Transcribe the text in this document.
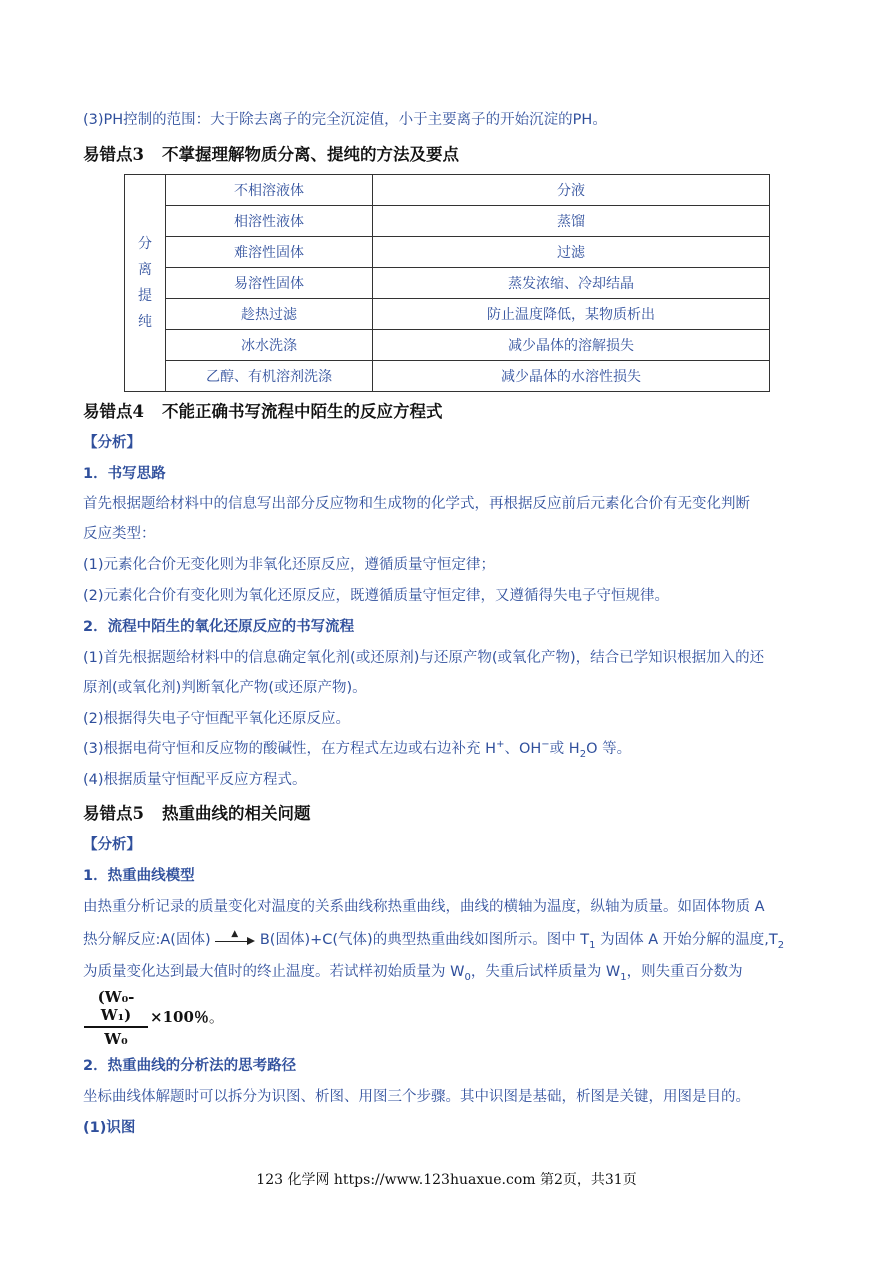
(3)PH控制的范围：大于除去离子的完全沉淀值，小于主要离子的开始沉淀的PH。
易错点3 不掌握理解物质分离、提纯的方法及要点
分
离
提
纯	不相溶液体	分液
	相溶性液体	蒸馏
	难溶性固体	过滤
	易溶性固体	蒸发浓缩、冷却结晶
	趁热过滤	防止温度降低，某物质析出
	冰水洗涤	减少晶体的溶解损失
	乙醇、有机溶剂洗涤	减少晶体的水溶性损失
易错点4 不能正确书写流程中陌生的反应方程式
【分析】
1．书写思路
首先根据题给材料中的信息写出部分反应物和生成物的化学式，再根据反应前后元素化合价有无变化判断
反应类型：
(1)元素化合价无变化则为非氧化还原反应，遵循质量守恒定律；
(2)元素化合价有变化则为氧化还原反应，既遵循质量守恒定律，又遵循得失电子守恒规律。
2．流程中陌生的氧化还原反应的书写流程
(1)首先根据题给材料中的信息确定氧化剂(或还原剂)与还原产物(或氧化产物)，结合已学知识根据加入的还
原剂(或氧化剂)判断氧化产物(或还原产物)。
(2)根据得失电子守恒配平氧化还原反应。
(3)根据电荷守恒和反应物的酸碱性，在方程式左边或右边补充 H+、OH−或 $H_2O$ 等。
(4)根据质量守恒配平反应方程式。
易错点5 热重曲线的相关问题
【分析】
1．热重曲线模型
由热重分析记录的质量变化对温度的关系曲线称热重曲线，曲线的横轴为温度，纵轴为质量。如固体物质 A
热分解反应:A(固体) ▲ B(固体)+C(气体)的典型热重曲线如图所示。图中 $T_1$ 为固体 A 开始分解的温度$,T_2$
为质量变化达到最大值时的终止温度。若试样初始质量为 $W_0$，失重后试样质量为 $W_1$，则失重百分数为
$\frac{\text{(W₀-W₁)}}{\text{W₀}} \times 100$％。
2．热重曲线的分析法的思考路径
坐标曲线体解题时可以拆分为识图、析图、用图三个步骤。其中识图是基础，析图是关键，用图是目的。
(1)识图
123 化学网 https://www.123huaxue.com 第2页，共31页
